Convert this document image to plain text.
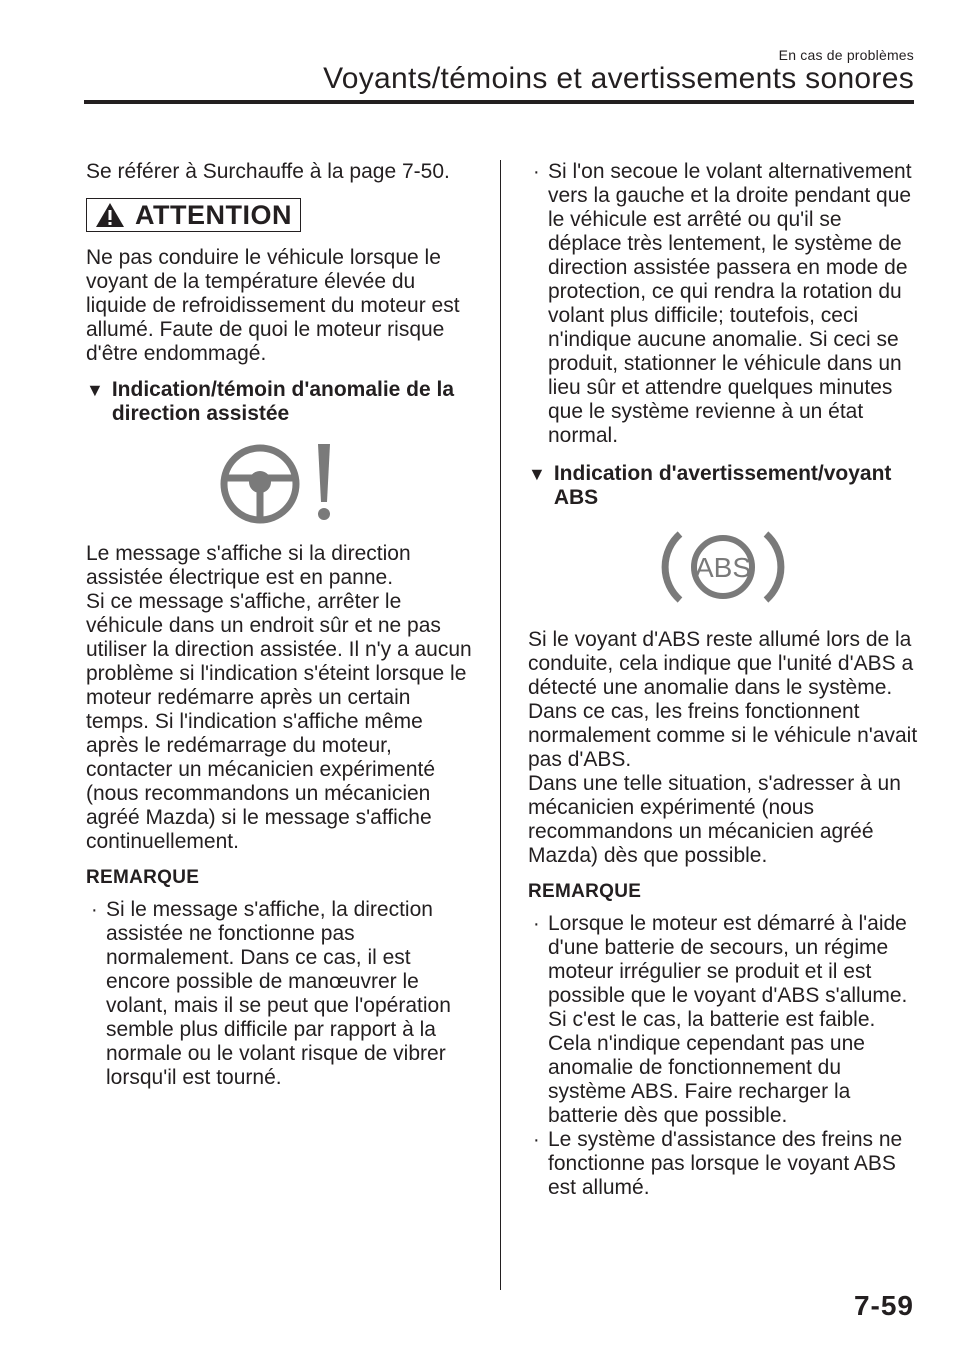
En cas de problèmes
Voyants/témoins et avertissements sonores

Se référer à Surchauffe à la page 7-50.

ATTENTION

Ne pas conduire le véhicule lorsque le voyant de la température élevée du liquide de refroidissement du moteur est allumé. Faute de quoi le moteur risque d'être endommagé.

▼ Indication/témoin d'anomalie de la direction assistée

Le message s'affiche si la direction assistée électrique est en panne.

Si ce message s'affiche, arrêter le véhicule dans un endroit sûr et ne pas utiliser la direction assistée. Il n'y a aucun problème si l'indication s'éteint lorsque le moteur redémarre après un certain temps. Si l'indication s'affiche même après le redémarrage du moteur, contacter un mécanicien expérimenté (nous recommandons un mécanicien agréé Mazda) si le message s'affiche continuellement.

REMARQUE
· Si le message s'affiche, la direction assistée ne fonctionne pas normalement. Dans ce cas, il est encore possible de manœuvrer le volant, mais il se peut que l'opération semble plus difficile par rapport à la normale ou le volant risque de vibrer lorsqu'il est tourné.
· Si l'on secoue le volant alternativement vers la gauche et la droite pendant que le véhicule est arrêté ou qu'il se déplace très lentement, le système de direction assistée passera en mode de protection, ce qui rendra la rotation du volant plus difficile; toutefois, ceci n'indique aucune anomalie. Si ceci se produit, stationner le véhicule dans un lieu sûr et attendre quelques minutes que le système revienne à un état normal.
▼ Indication d'avertissement/voyant ABS
ABS

Si le voyant d'ABS reste allumé lors de la conduite, cela indique que l'unité d'ABS a détecté une anomalie dans le système. Dans ce cas, les freins fonctionnent normalement comme si le véhicule n'avait pas d'ABS.

Dans une telle situation, s'adresser à un mécanicien expérimenté (nous recommandons un mécanicien agréé Mazda) dès que possible.

REMARQUE
· Lorsque le moteur est démarré à l'aide d'une batterie de secours, un régime moteur irrégulier se produit et il est possible que le voyant d'ABS s'allume. Si c'est le cas, la batterie est faible. Cela n'indique cependant pas une anomalie de fonctionnement du système ABS. Faire recharger la batterie dès que possible.
· Le système d'assistance des freins ne fonctionne pas lorsque le voyant ABS est allumé.
7-59
